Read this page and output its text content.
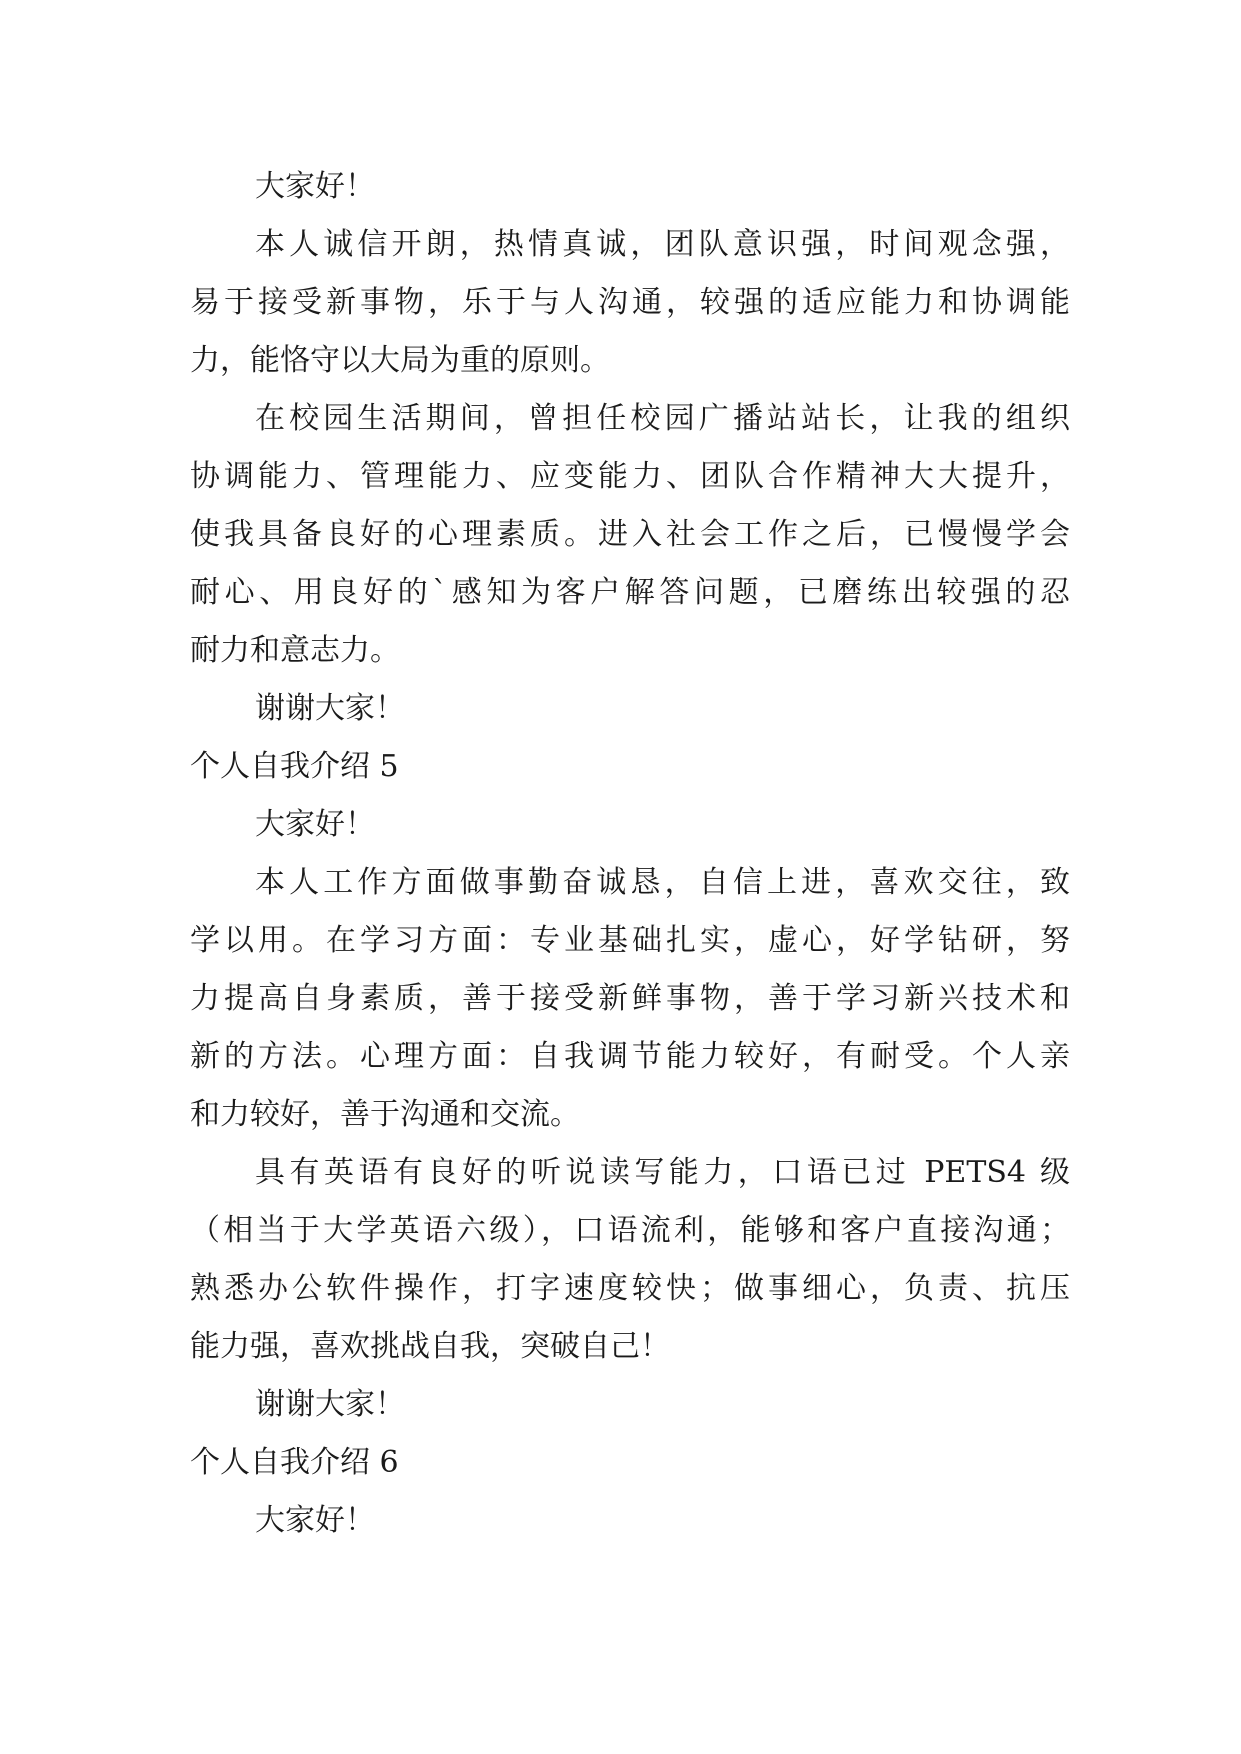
大家好！
本人诚信开朗，热情真诚，团队意识强，时间观念强，
易于接受新事物，乐于与人沟通，较强的适应能力和协调能
力，能恪守以大局为重的原则。
在校园生活期间，曾担任校园广播站站长，让我的组织
协调能力、管理能力、应变能力、团队合作精神大大提升，
使我具备良好的心理素质。进入社会工作之后，已慢慢学会
耐心、用良好的`感知为客户解答问题，已磨练出较强的忍
耐力和意志力。
谢谢大家！
个人自我介绍 5
大家好！
本人工作方面做事勤奋诚恳，自信上进，喜欢交往，致
学以用。在学习方面：专业基础扎实，虚心，好学钻研，努
力提高自身素质，善于接受新鲜事物，善于学习新兴技术和
新的方法。心理方面：自我调节能力较好，有耐受。个人亲
和力较好，善于沟通和交流。
具有英语有良好的听说读写能力，口语已过 PETS4 级
（相当于大学英语六级），口语流利，能够和客户直接沟通；
熟悉办公软件操作，打字速度较快；做事细心，负责、抗压
能力强，喜欢挑战自我，突破自己！
谢谢大家！
个人自我介绍 6
大家好！
